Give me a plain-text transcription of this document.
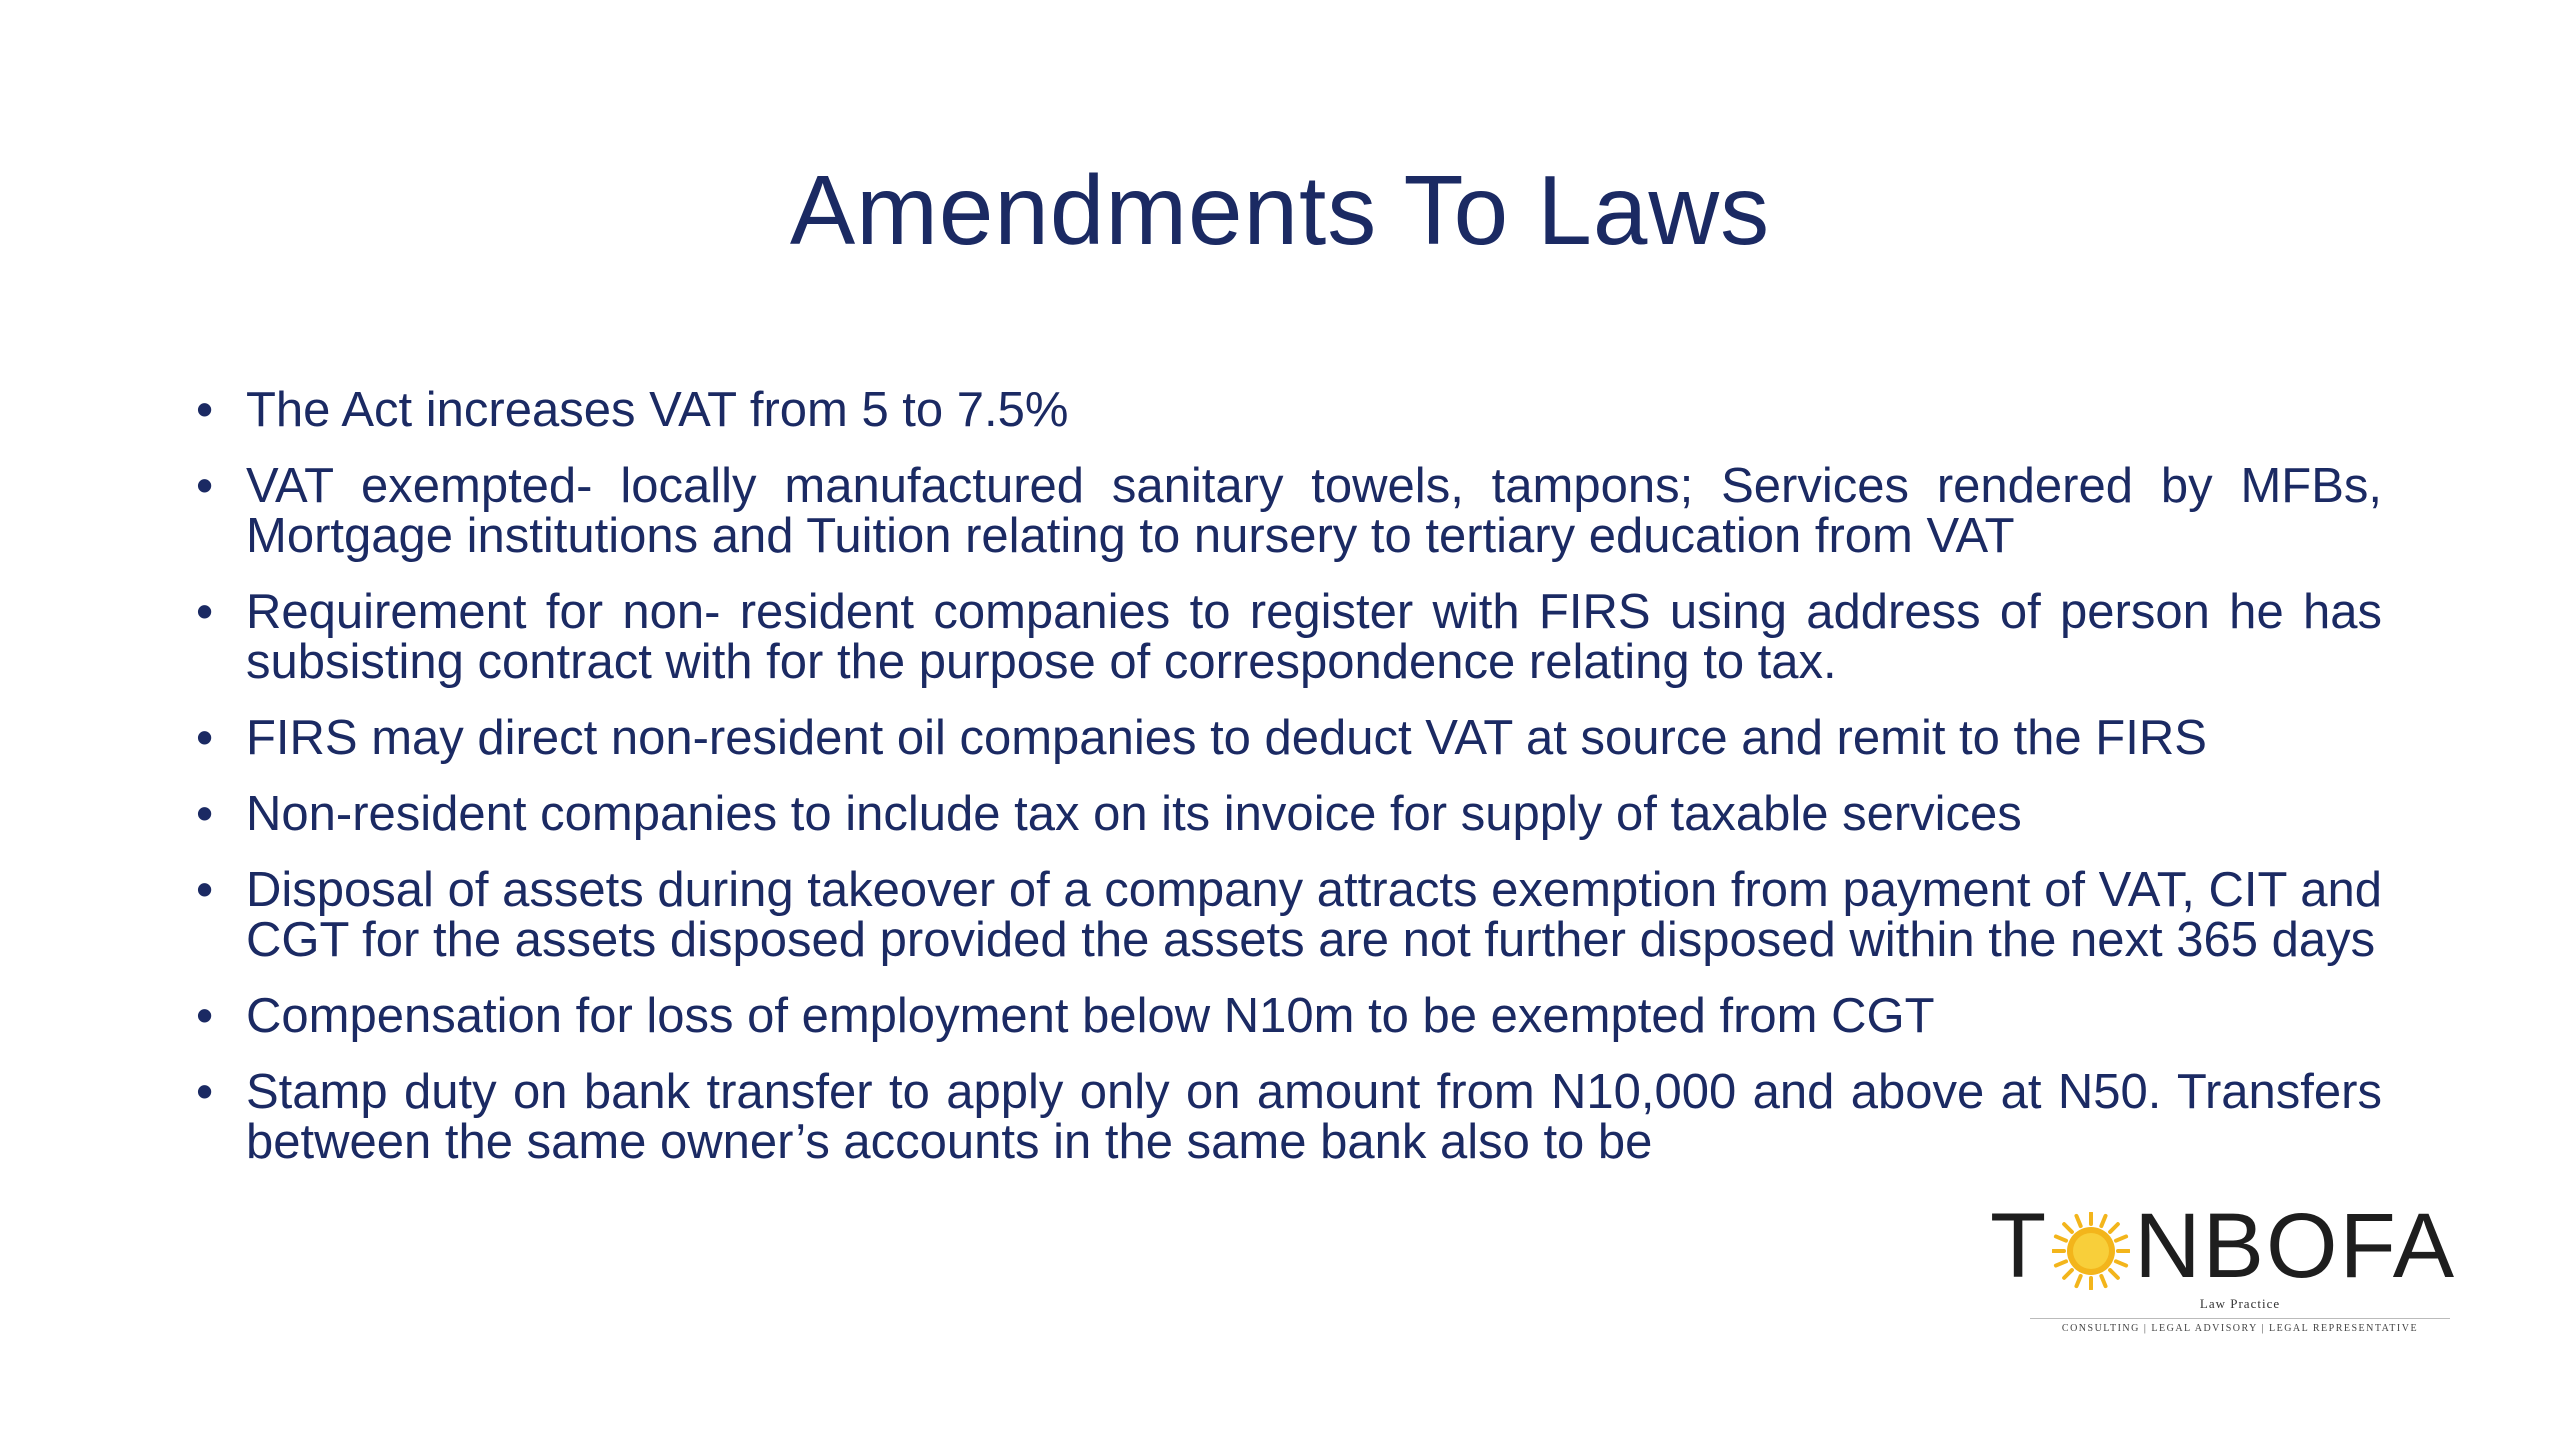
Amendments To Laws
• The Act increases VAT from 5 to 7.5%
• VAT exempted- locally manufactured sanitary towels, tampons; Services rendered by MFBs, Mortgage institutions and Tuition relating to nursery to tertiary education from VAT
• Requirement for non- resident companies to register with FIRS using address of person he has subsisting contract with for the purpose of correspondence relating to tax.
• FIRS may direct non-resident oil companies to deduct VAT at source and remit to the FIRS
• Non-resident companies to include tax on its invoice for supply of taxable services
• Disposal of assets during takeover of a company attracts exemption from payment of VAT, CIT and CGT for the assets disposed provided the assets are not further disposed within the next 365 days
• Compensation for loss of employment below N10m to be exempted from CGT
• Stamp duty on bank transfer to apply only on amount from N10,000 and above at N50. Transfers between the same owner’s accounts in the same bank also to be
T NBOFA
Law Practice
CONSULTING | LEGAL ADVISORY | LEGAL REPRESENTATIVE
